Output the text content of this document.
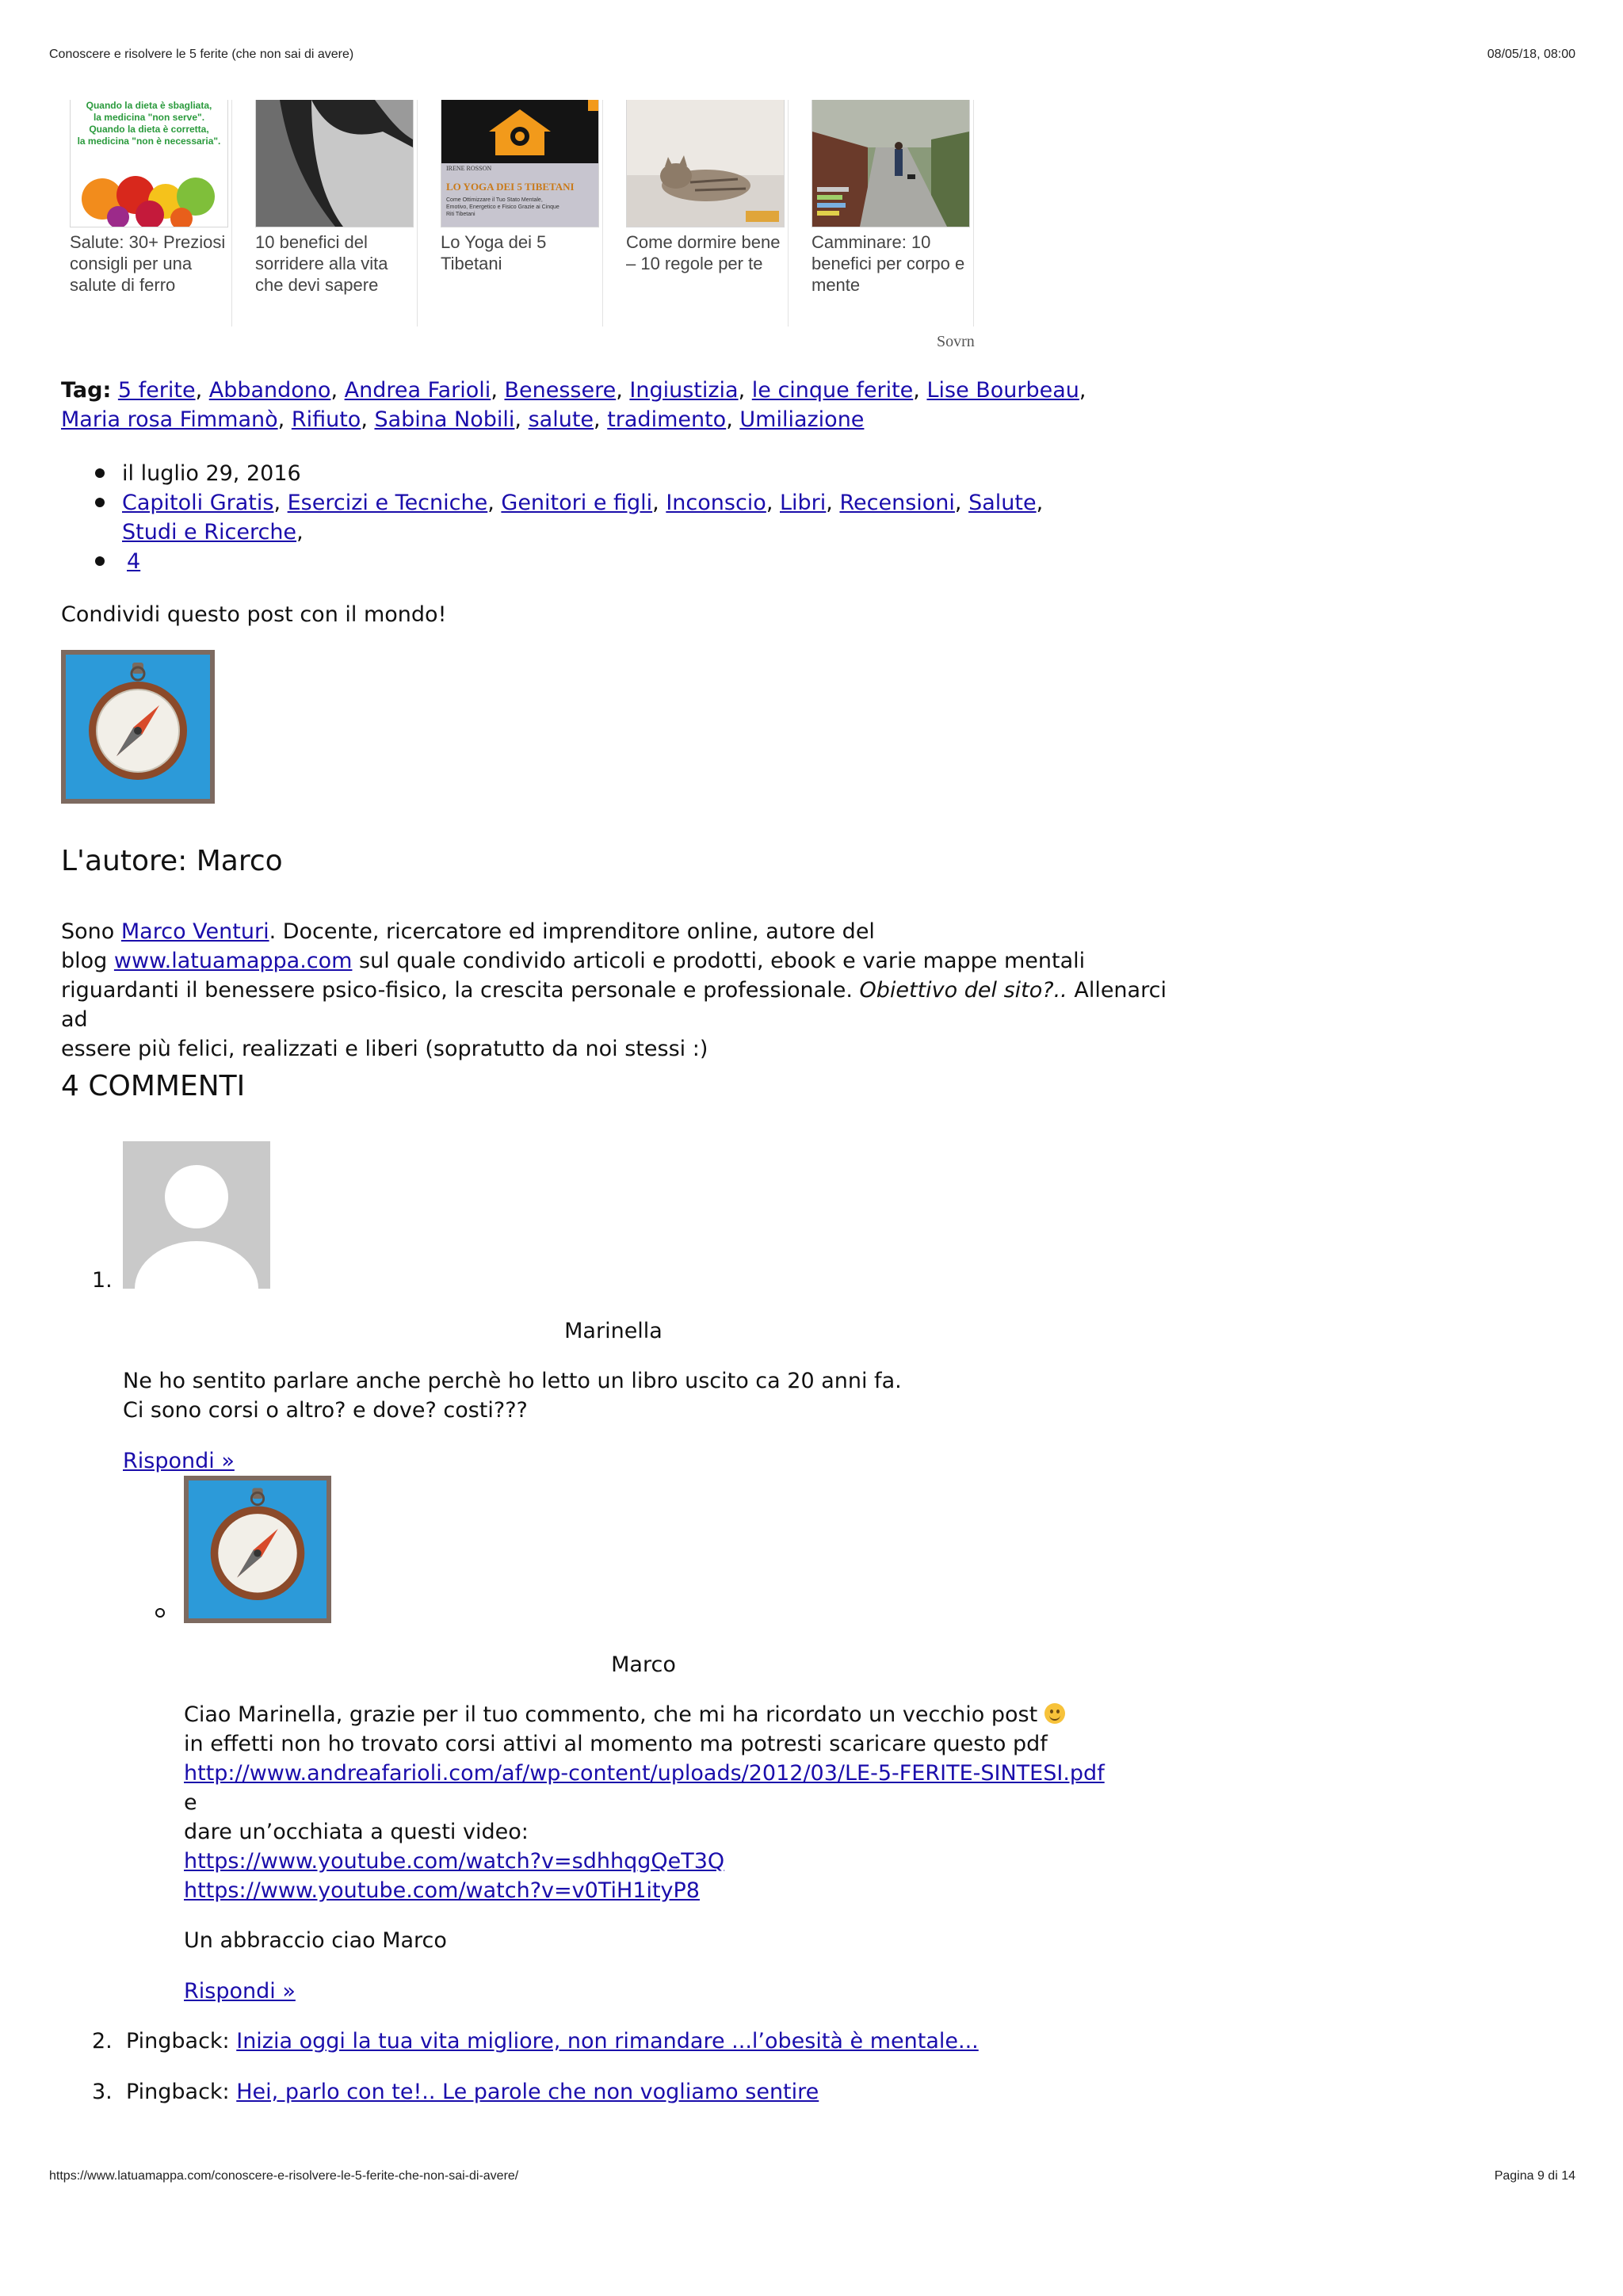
Conoscere e risolvere le 5 ferite (che non sai di avere)	08/05/18, 08:00
Quando la dieta è sbagliata,
la medicina "non serve".
Quando la dieta è corretta,
la medicina "non è necessaria".
Salute: 30+ Preziosi consigli per una salute di ferro
10 benefici del sorridere alla vita che devi sapere
IRENE ROSSON
LO YOGA DEI 5 TIBETANI
Come Ottimizzare il Tuo Stato Mentale, Emotivo, Energetico e Fisico Grazie ai Cinque Riti Tibetani
Lo Yoga dei 5 Tibetani
Come dormire bene – 10 regole per te
Camminare: 10 benefici per corpo e mente
Sovrn
Tag: 5 ferite, Abbandono, Andrea Farioli, Benessere, Ingiustizia, le cinque ferite, Lise Bourbeau, Maria rosa Fimmanò, Rifiuto, Sabina Nobili, salute, tradimento, Umiliazione
il luglio 29, 2016
Capitoli Gratis, Esercizi e Tecniche, Genitori e figli, Inconscio, Libri, Recensioni, Salute, Studi e Ricerche,
4
Condividi questo post con il mondo!
L'autore: Marco
Sono Marco Venturi. Docente, ricercatore ed imprenditore online, autore del
blog www.latuamappa.com sul quale condivido articoli e prodotti, ebook e varie mappe mentali
riguardanti il benessere psico-fisico, la crescita personale e professionale. Obiettivo del sito?.. Allenarci ad
essere più felici, realizzati e liberi (sopratutto da noi stessi :)
4 COMMENTI
1.
Marinella
Ne ho sentito parlare anche perchè ho letto un libro uscito ca 20 anni fa.
Ci sono corsi o altro? e dove? costi???
Rispondi »
Marco
Ciao Marinella, grazie per il tuo commento, che mi ha ricordato un vecchio post
in effetti non ho trovato corsi attivi al momento ma potresti scaricare questo pdf
http://www.andreafarioli.com/af/wp-content/uploads/2012/03/LE-5-FERITE-SINTESI.pdf
e
dare un’occhiata a questi video:
https://www.youtube.com/watch?v=sdhhqgQeT3Q
https://www.youtube.com/watch?v=v0TiH1ityP8
Un abbraccio ciao Marco
Rispondi »
2. Pingback: Inizia oggi la tua vita migliore, non rimandare ...l’obesità è mentale...
3. Pingback: Hei, parlo con te!.. Le parole che non vogliamo sentire
https://www.latuamappa.com/conoscere-e-risolvere-le-5-ferite-che-non-sai-di-avere/	Pagina 9 di 14
